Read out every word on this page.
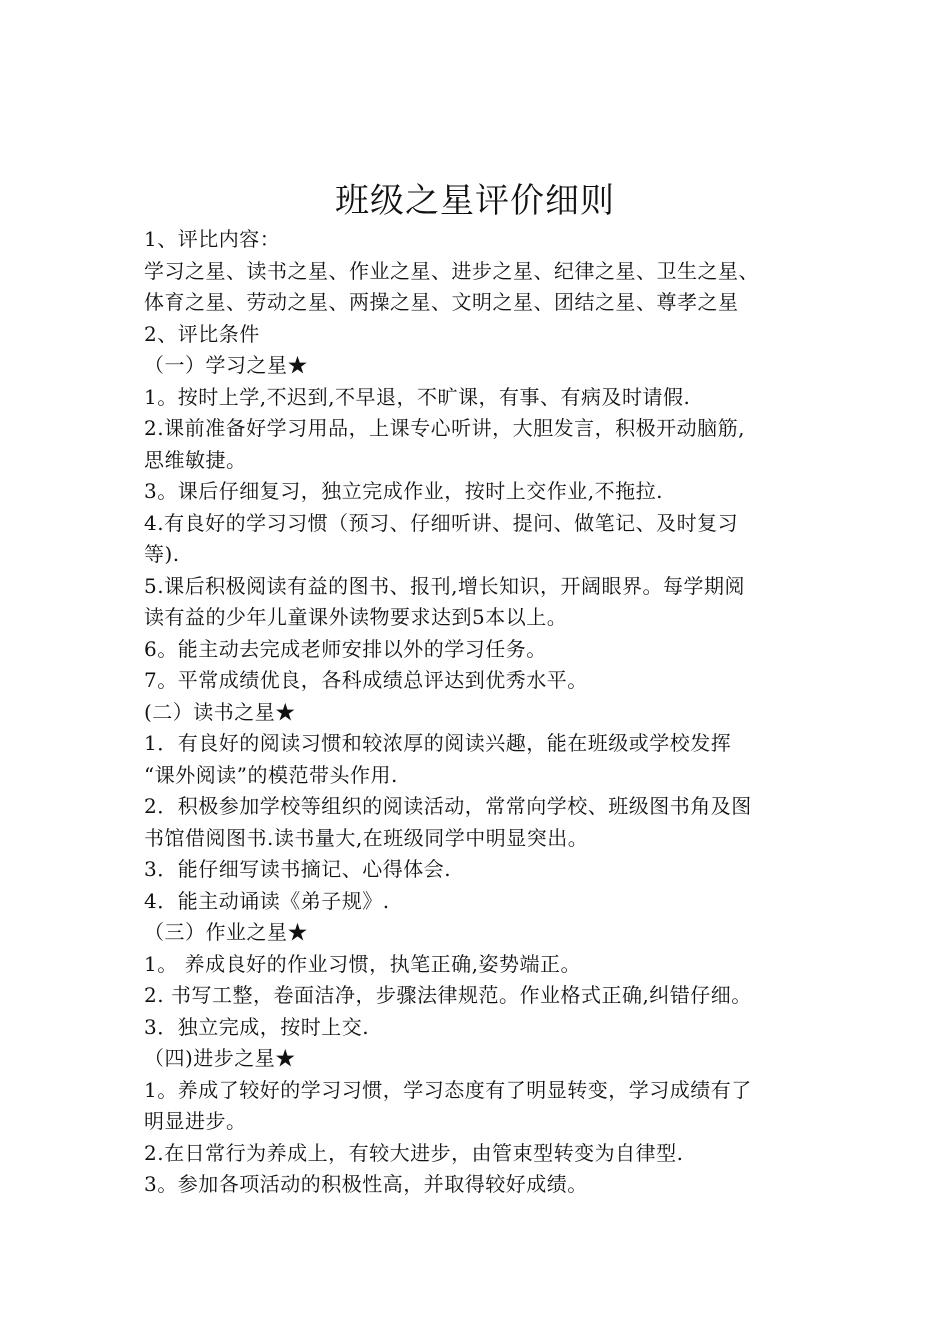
班级之星评价细则
1、评比内容：
学习之星、读书之星、作业之星、进步之星、纪律之星、卫生之星、
体育之星、劳动之星、两操之星、文明之星、团结之星、尊孝之星
2、评比条件
（一）学习之星★
1。按时上学,不迟到,不早退，不旷课，有事、有病及时请假.
2.课前准备好学习用品，上课专心听讲，大胆发言，积极开动脑筋,
思维敏捷。
3。课后仔细复习，独立完成作业，按时上交作业,不拖拉.
4.有良好的学习习惯（预习、仔细听讲、提问、做笔记、及时复习
等).
5.课后积极阅读有益的图书、报刊,增长知识，开阔眼界。每学期阅
读有益的少年儿童课外读物要求达到5本以上。
6。能主动去完成老师安排以外的学习任务。
7。平常成绩优良，各科成绩总评达到优秀水平。
(二）读书之星★
1．有良好的阅读习惯和较浓厚的阅读兴趣，能在班级或学校发挥
“课外阅读”的模范带头作用.
2．积极参加学校等组织的阅读活动，常常向学校、班级图书角及图
书馆借阅图书.读书量大,在班级同学中明显突出。
3．能仔细写读书摘记、心得体会.
4．能主动诵读《弟子规》.
（三）作业之星★
1。 养成良好的作业习惯，执笔正确,姿势端正。
2. 书写工整，卷面洁净，步骤法律规范。作业格式正确,纠错仔细。
3．独立完成，按时上交.
（四)进步之星★
1。养成了较好的学习习惯，学习态度有了明显转变，学习成绩有了
明显进步。
2.在日常行为养成上，有较大进步，由管束型转变为自律型.
3。参加各项活动的积极性高，并取得较好成绩。
